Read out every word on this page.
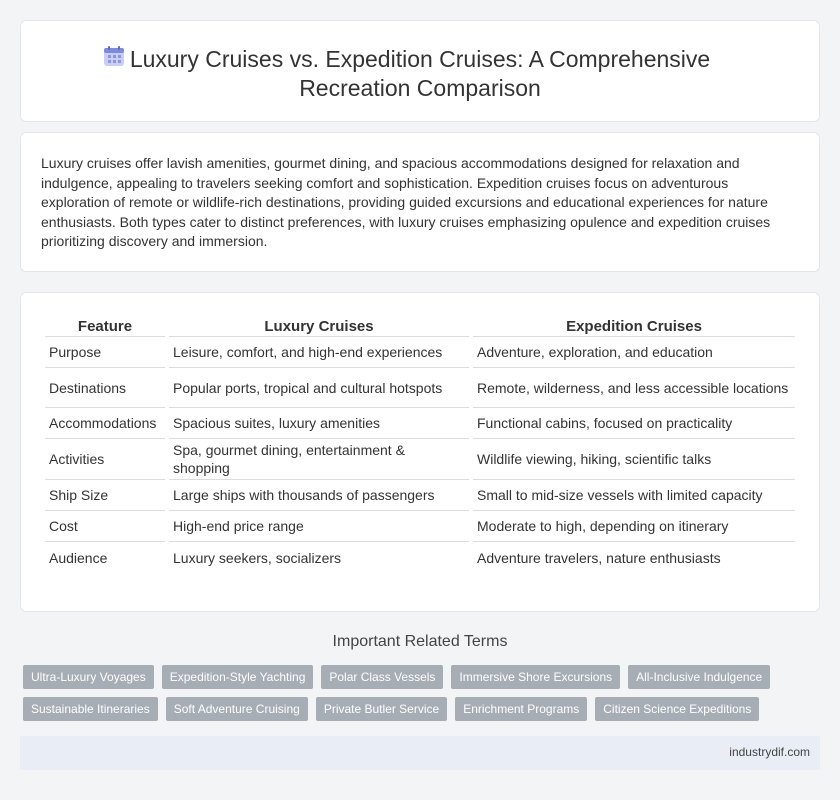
Luxury Cruises vs. Expedition Cruises: A Comprehensive Recreation Comparison

Luxury cruises offer lavish amenities, gourmet dining, and spacious accommodations designed for relaxation and indulgence, appealing to travelers seeking comfort and sophistication. Expedition cruises focus on adventurous exploration of remote or wildlife-rich destinations, providing guided excursions and educational experiences for nature enthusiasts. Both types cater to distinct preferences, with luxury cruises emphasizing opulence and expedition cruises prioritizing discovery and immersion.

Feature	Luxury Cruises	Expedition Cruises
Purpose	Leisure, comfort, and high-end experiences	Adventure, exploration, and education
Destinations	Popular ports, tropical and cultural hotspots	Remote, wilderness, and less accessible locations
Accommodations	Spacious suites, luxury amenities	Functional cabins, focused on practicality
Activities	Spa, gourmet dining, entertainment & shopping	Wildlife viewing, hiking, scientific talks
Ship Size	Large ships with thousands of passengers	Small to mid-size vessels with limited capacity
Cost	High-end price range	Moderate to high, depending on itinerary
Audience	Luxury seekers, socializers	Adventure travelers, nature enthusiasts
Important Related Terms
Ultra-Luxury Voyages	Expedition-Style Yachting	Polar Class Vessels	Immersive Shore Excursions	All-Inclusive Indulgence
Sustainable Itineraries	Soft Adventure Cruising	Private Butler Service	Enrichment Programs	Citizen Science Expeditions
industrydif.com
